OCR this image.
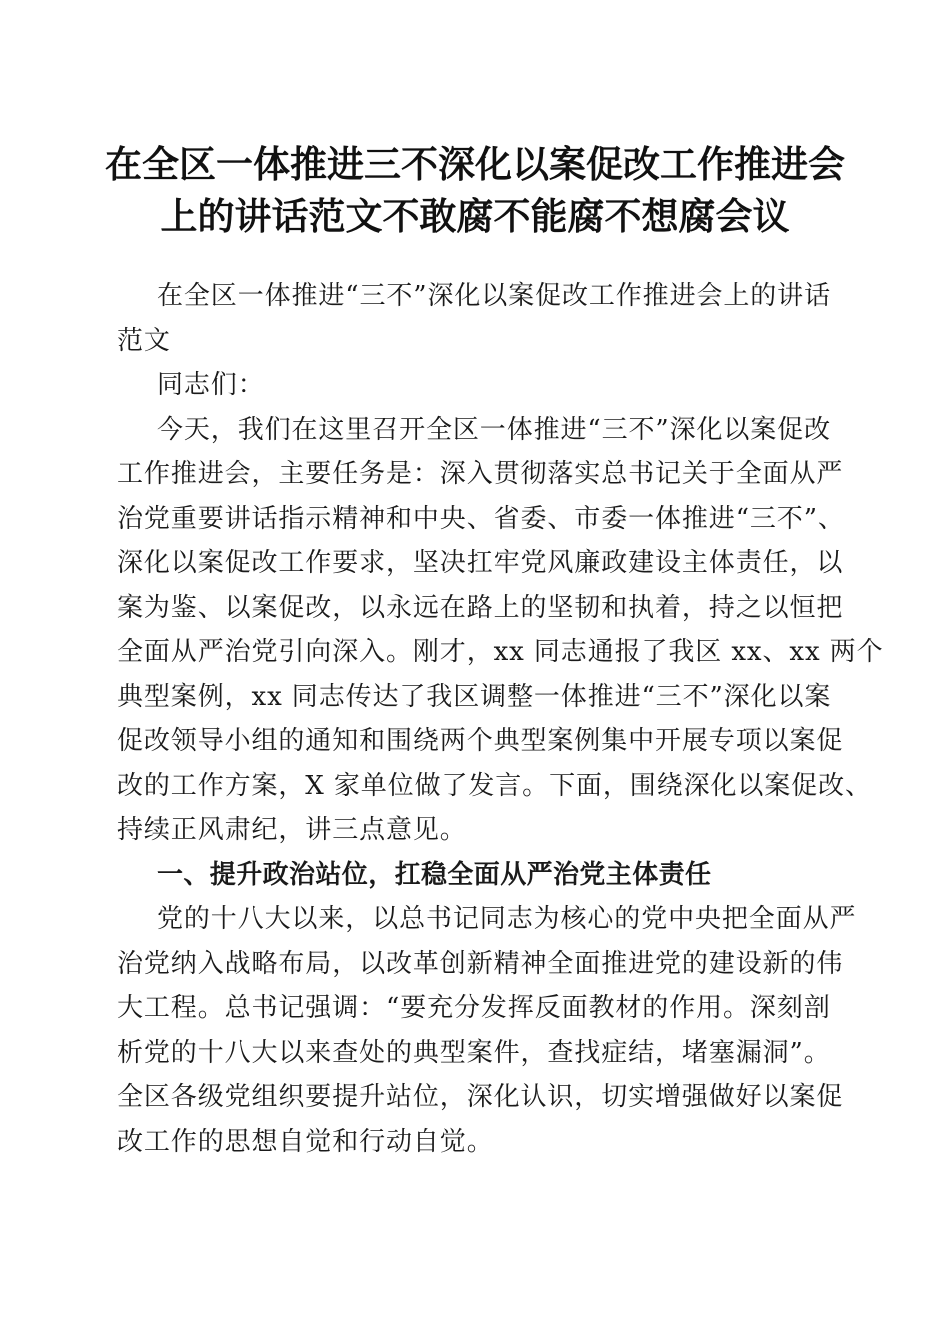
在全区一体推进三不深化以案促改工作推进会
上的讲话范文不敢腐不能腐不想腐会议

在全区一体推进“三不”深化以案促改工作推进会上的讲话
范文

同志们：

今天，我们在这里召开全区一体推进“三不”深化以案促改
工作推进会，主要任务是：深入贯彻落实总书记关于全面从严
治党重要讲话指示精神和中央、省委、市委一体推进“三不”、
深化以案促改工作要求，坚决扛牢党风廉政建设主体责任，以
案为鉴、以案促改，以永远在路上的坚韧和执着，持之以恒把
全面从严治党引向深入。刚才，xx 同志通报了我区 xx、xx 两个
典型案例，xx 同志传达了我区调整一体推进“三不”深化以案
促改领导小组的通知和围绕两个典型案例集中开展专项以案促
改的工作方案，X 家单位做了发言。下面，围绕深化以案促改、
持续正风肃纪，讲三点意见。

一、提升政治站位，扛稳全面从严治党主体责任

党的十八大以来，以总书记同志为核心的党中央把全面从严
治党纳入战略布局，以改革创新精神全面推进党的建设新的伟
大工程。总书记强调：“要充分发挥反面教材的作用。深刻剖
析党的十八大以来查处的典型案件，查找症结，堵塞漏洞”。
全区各级党组织要提升站位，深化认识，切实增强做好以案促
改工作的思想自觉和行动自觉。
